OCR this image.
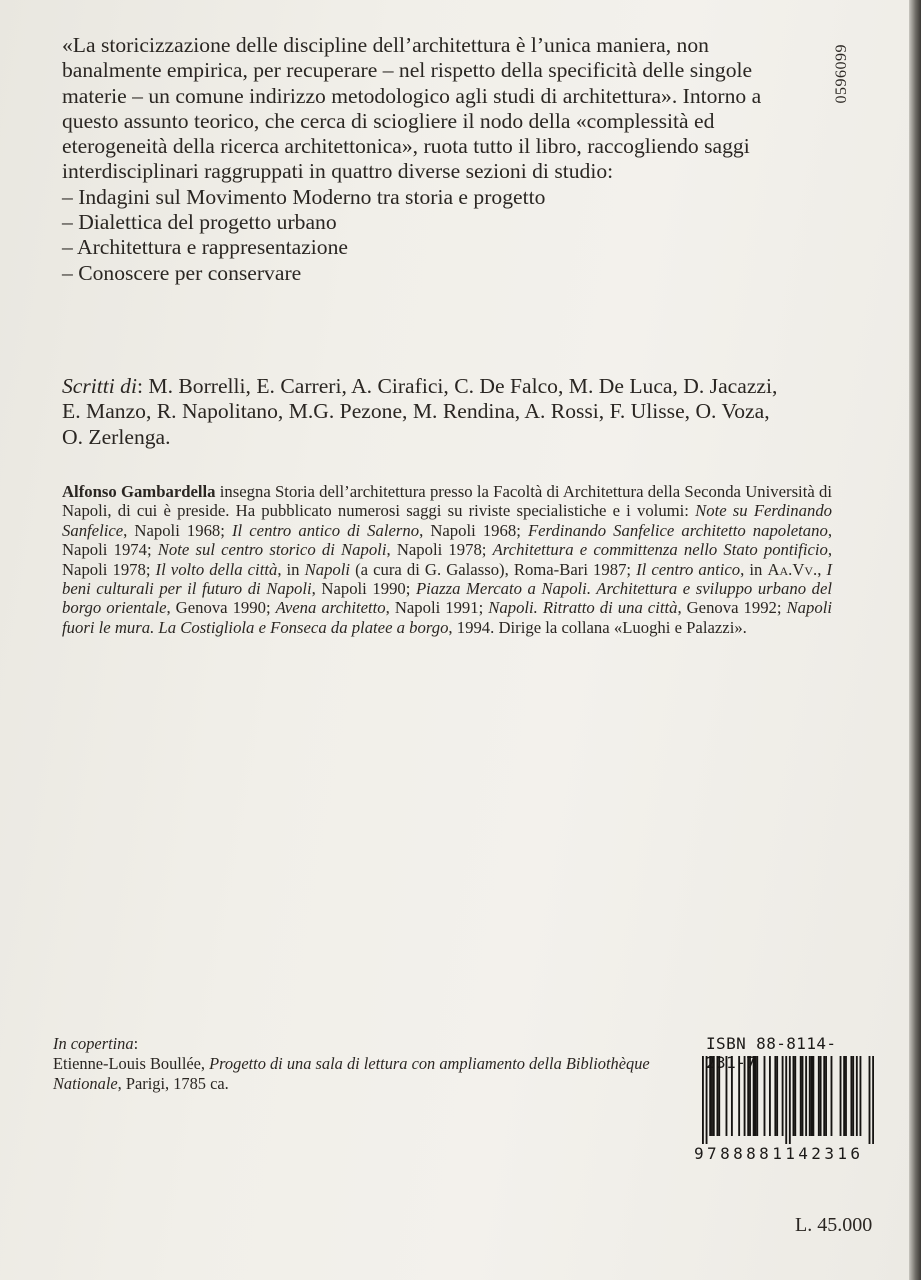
0596099

«La storicizzazione delle discipline dell’architettura è l’unica maniera, non banalmente empirica, per recuperare – nel rispetto della specificità delle singole materie – un comune indirizzo metodologico agli studi di architettura». Intorno a questo assunto teorico, che cerca di sciogliere il nodo della «complessità ed eterogeneità della ricerca architettonica», ruota tutto il libro, raccogliendo saggi interdisciplinari raggruppati in quattro diverse sezioni di studio:

– Indagini sul Movimento Moderno tra storia e progetto

– Dialettica del progetto urbano

– Architettura e rappresentazione

– Conoscere per conservare

Scritti di: M. Borrelli, E. Carreri, A. Cirafici, C. De Falco, M. De Luca, D. Jacazzi, E. Manzo, R. Napolitano, M.G. Pezone, M. Rendina, A. Rossi, F. Ulisse, O. Voza, O. Zerlenga.

Alfonso Gambardella insegna Storia dell’architettura presso la Facoltà di Architettura della Seconda Università di Napoli, di cui è preside. Ha pubblicato numerosi saggi su riviste specialistiche e i volumi: Note su Ferdinando Sanfelice, Napoli 1968; Il centro antico di Salerno, Napoli 1968; Ferdinando Sanfelice architetto napoletano, Napoli 1974; Note sul centro storico di Napoli, Napoli 1978; Architettura e committenza nello Stato pontificio, Napoli 1978; Il volto della città, in Napoli (a cura di G. Galasso), Roma-Bari 1987; Il centro antico, in Aa.Vv., I beni culturali per il futuro di Napoli, Napoli 1990; Piazza Mercato a Napoli. Architettura e sviluppo urbano del borgo orientale, Genova 1990; Avena architetto, Napoli 1991; Napoli. Ritratto di una città, Genova 1992; Napoli fuori le mura. La Costigliola e Fonseca da platee a borgo, 1994. Dirige la collana «Luoghi e Palazzi».

In copertina:
Etienne-Louis Boullée, Progetto di una sala di lettura con ampliamento della Bibliothèque Nationale, Parigi, 1785 ca.

ISBN 88-8114- 31-7
9788881142316

L. 45.000
